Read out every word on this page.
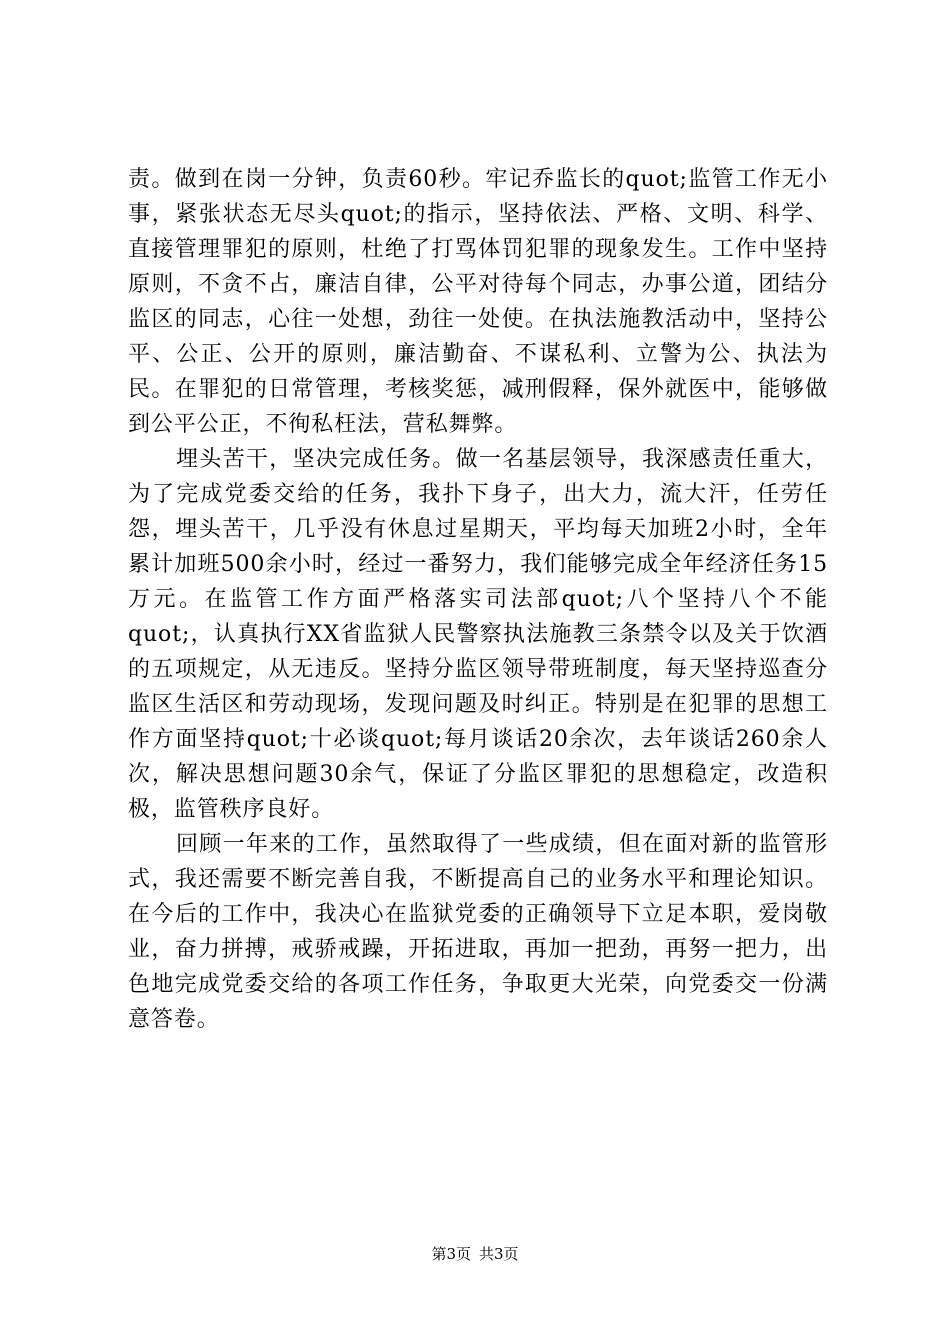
责。做到在岗一分钟，负责60秒。牢记乔监长的quot;监管工作无小事，紧张状态无尽头quot;的指示，坚持依法、严格、文明、科学、直接管理罪犯的原则，杜绝了打骂体罚犯罪的现象发生。工作中坚持原则，不贪不占，廉洁自律，公平对待每个同志，办事公道，团结分监区的同志，心往一处想，劲往一处使。在执法施教活动中，坚持公平、公正、公开的原则，廉洁勤奋、不谋私利、立警为公、执法为民。在罪犯的日常管理，考核奖惩，减刑假释，保外就医中，能够做到公平公正，不徇私枉法，营私舞弊。

埋头苦干，坚决完成任务。做一名基层领导，我深感责任重大，为了完成党委交给的任务，我扑下身子，出大力，流大汗，任劳任怨，埋头苦干，几乎没有休息过星期天，平均每天加班2小时，全年累计加班500余小时，经过一番努力，我们能够完成全年经济任务15万元。在监管工作方面严格落实司法部quot;八个坚持八个不能quot;，认真执行XX省监狱人民警察执法施教三条禁令以及关于饮酒的五项规定，从无违反。坚持分监区领导带班制度，每天坚持巡查分监区生活区和劳动现场，发现问题及时纠正。特别是在犯罪的思想工作方面坚持quot;十必谈quot;每月谈话20余次，去年谈话260余人次，解决思想问题30余气，保证了分监区罪犯的思想稳定，改造积极，监管秩序良好。

回顾一年来的工作，虽然取得了一些成绩，但在面对新的监管形式，我还需要不断完善自我，不断提高自己的业务水平和理论知识。在今后的工作中，我决心在监狱党委的正确领导下立足本职，爱岗敬业，奋力拼搏，戒骄戒躁，开拓进取，再加一把劲，再努一把力，出色地完成党委交给的各项工作任务，争取更大光荣，向党委交一份满意答卷。

第3页 共3页
